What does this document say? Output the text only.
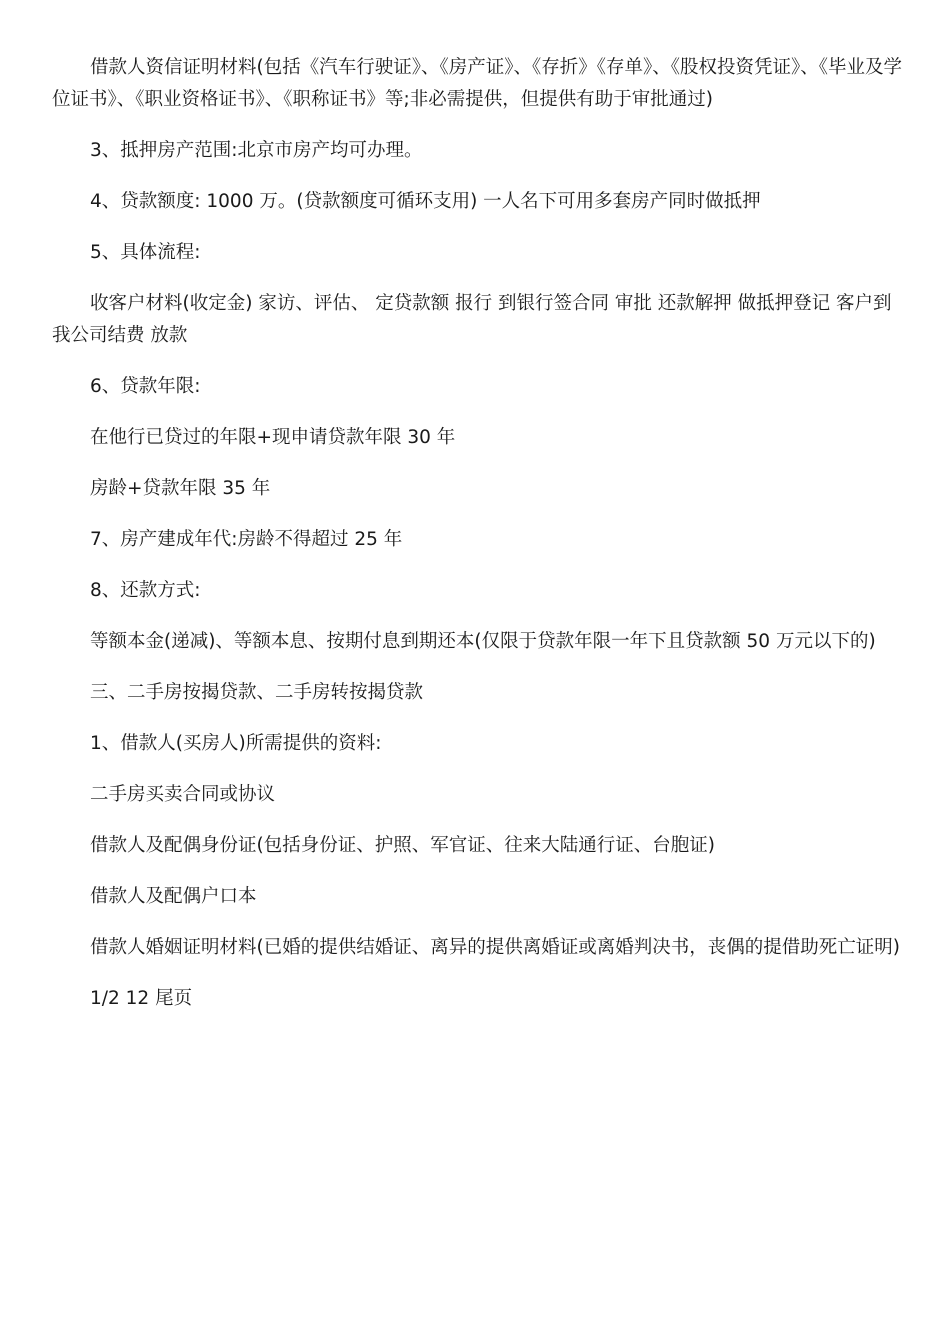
借款人资信证明材料(包括《汽车行驶证》、《房产证》、《存折》《存单》、《股权投资凭证》、《毕业及学位证书》、《职业资格证书》、《职称证书》等;非必需提供，但提供有助于审批通过)

3、抵押房产范围:北京市房产均可办理。

4、贷款额度: 1000 万。(贷款额度可循环支用) 一人名下可用多套房产同时做抵押

5、具体流程:

收客户材料(收定金) 家访、评估、 定贷款额 报行 到银行签合同 审批 还款解押 做抵押登记 客户到我公司结费 放款

6、贷款年限:

在他行已贷过的年限+现申请贷款年限 30 年

房龄+贷款年限 35 年

7、房产建成年代:房龄不得超过 25 年

8、还款方式:

等额本金(递减)、等额本息、按期付息到期还本(仅限于贷款年限一年下且贷款额 50 万元以下的)

三、二手房按揭贷款、二手房转按揭贷款

1、借款人(买房人)所需提供的资料:

二手房买卖合同或协议

借款人及配偶身份证(包括身份证、护照、军官证、往来大陆通行证、台胞证)

借款人及配偶户口本

借款人婚姻证明材料(已婚的提供结婚证、离异的提供离婚证或离婚判决书，丧偶的提借助死亡证明)

1/2 12 尾页
